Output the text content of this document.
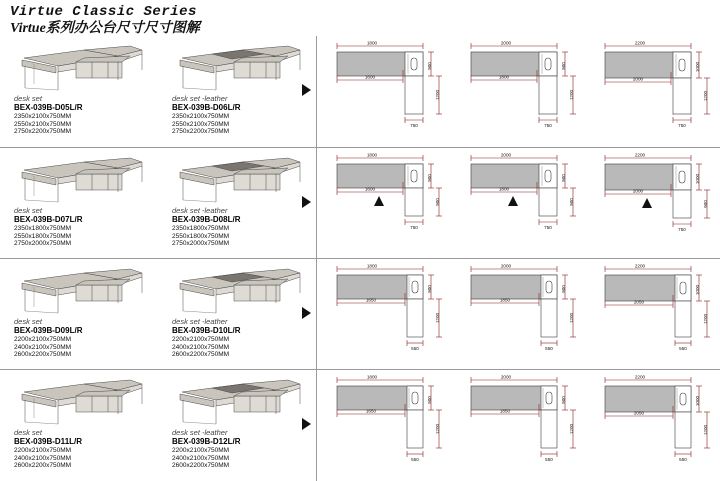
Virtue Classic Series
Virtue系列办公台尺寸尺寸图解
desk set
BEX-039B-D05L/R
2350x2100x750MM
2550x2100x750MM
2750x2200x750MM
desk set -leather
BEX-039B-D06L/R
2350x2100x750MM
2550x2100x750MM
2750x2200x750MM
1800
1600
900
1200
750
2000
1800
900
1200
750
2200
2000
1000
1200
750
desk set
BEX-039B-D07L/R
2350x1800x750MM
2550x1800x750MM
2750x2000x750MM
desk set -leather
BEX-039B-D08L/R
2350x1800x750MM
2550x1800x750MM
2750x2000x750MM
1800
1600
900
900
750
2000
1800
900
900
750
2200
2000
1000
900
750
desk set
BEX-039B-D09L/R
2200x2100x750MM
2400x2100x750MM
2600x2200x750MM
desk set -leather
BEX-039B-D10L/R
2200x2100x750MM
2400x2100x750MM
2600x2200x750MM
1800
1650
900
1200
550
2000
1850
900
1200
550
2200
2050
1000
1200
550
desk set
BEX-039B-D11L/R
2200x2100x750MM
2400x2100x750MM
2600x2200x750MM
desk set -leather
BEX-039B-D12L/R
2200x2100x750MM
2400x2100x750MM
2600x2200x750MM
1800
1650
900
1200
550
2000
1850
900
1200
550
2200
2050
1000
1200
550
